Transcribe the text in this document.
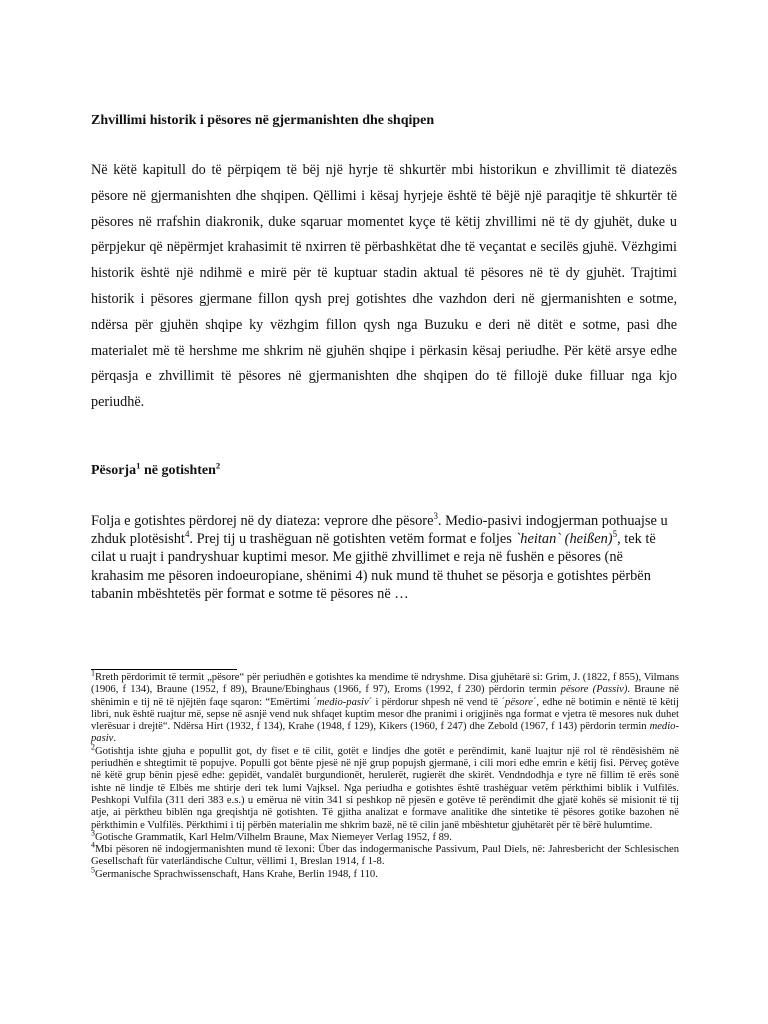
Zhvillimi historik i pësores në gjermanishten dhe shqipen

Në këtë kapitull do të përpiqem të bëj një hyrje të shkurtër mbi historikun e zhvillimit të diatezës pësore në gjermanishten dhe shqipen. Qëllimi i kësaj hyrjeje është të bëjë një paraqitje të shkurtër të pësores në rrafshin diakronik, duke sqaruar momentet kyçe të këtij zhvillimi në të dy gjuhët, duke u përpjekur që nëpërmjet krahasimit të nxirren të përbashkëtat dhe të veçantat e secilës gjuhë. Vëzhgimi historik është një ndihmë e mirë për të kuptuar stadin aktual të pësores në të dy gjuhët. Trajtimi historik i pësores gjermane fillon qysh prej gotishtes dhe vazhdon deri në gjermanishten e sotme, ndërsa për gjuhën shqipe ky vëzhgim fillon qysh nga Buzuku e deri në ditët e sotme, pasi dhe materialet më të hershme me shkrim në gjuhën shqipe i përkasin kësaj periudhe. Për këtë arsye edhe përqasja e zhvillimit të pësores në gjermanishten dhe shqipen do të fillojë duke filluar nga kjo periudhë.

Pësorja$^1$ në gotishten$^2$

Folja e gotishtes përdorej në dy diateza: veprore dhe pësore$^3$. Medio-pasivi indogjerman pothuajse u zhduk plotësisht$^4$. Prej tij u trashëguan në gotishten vetëm format e foljes `heitan` (heißen)$^5$, tek të cilat u ruajt i pandryshuar kuptimi mesor. Me gjithë zhvillimet e reja në fushën e pësores (në krahasim me pësoren indoeuropiane, shënimi 4) nuk mund të thuhet se pësorja e gotishtes përbën tabanin mbështetës për format e sotme të pësores në …

$^1$Rreth përdorimit të termit „pësore“ për periudhën e gotishtes ka mendime të ndryshme. Disa gjuhëtarë si: Grim, J. (1822, f 855), Vilmans (1906, f 134), Braune (1952, f 89), Braune/Ebinghaus (1966, f 97), Eroms (1992, f 230) përdorin termin pësore (Passiv). Braune në shënimin e tij në të njëjtën faqe sqaron: “Emërtimi ´medio-pasiv´ i përdorur shpesh në vend të ´pësore´, edhe në botimin e nëntë të këtij libri, nuk është ruajtur më, sepse në asnjë vend nuk shfaqet kuptim mesor dhe pranimi i origjinës nga format e vjetra të mesores nuk duhet vlerësuar i drejtë“. Ndërsa Hirt (1932, f 134), Krahe (1948, f 129), Kikers (1960, f 247) dhe Zebold (1967, f 143) përdorin termin medio-pasiv.

$^2$Gotishtja ishte gjuha e popullit got, dy fiset e të cilit, gotët e lindjes dhe gotët e perëndimit, kanë luajtur një rol të rëndësishëm në periudhën e shtegtimit të popujve. Populli got bënte pjesë në një grup popujsh gjermanë, i cili mori edhe emrin e këtij fisi. Përveç gotëve në këtë grup bënin pjesë edhe: gepidët, vandalët burgundionët, herulerët, rugierët dhe skirët. Vendndodhja e tyre në fillim të erës sonë ishte në lindje të Elbës me shtirje deri tek lumi Vajksel. Nga periudha e gotishtes është trashëguar vetëm përkthimi biblik i Vulfilës. Peshkopi Vulfila (311 deri 383 e.s.) u emërua në vitin 341 si peshkop në pjesën e gotëve të perëndimit dhe gjatë kohës së misionit të tij atje, ai përktheu biblën nga greqishtja në gotishten. Të gjitha analizat e formave analitike dhe sintetike të pësores gotike bazohen në përkthimin e Vulfilës. Përkthimi i tij përbën materialin me shkrim bazë, në të cilin janë mbështetur gjuhëtarët për të bërë hulumtime.

$^3$Gotische Grammatik, Karl Helm/Vilhelm Braune, Max Niemeyer Verlag 1952, f 89.

$^4$Mbi pësoren në indogjermanishten mund të lexoni: Über das indogermanische Passivum, Paul Diels, në: Jahresbericht der Schlesischen Gesellschaft für vaterländische Cultur, vëllimi 1, Breslan 1914, f 1-8.

$^5$Germanische Sprachwissenschaft, Hans Krahe, Berlin 1948, f 110.
